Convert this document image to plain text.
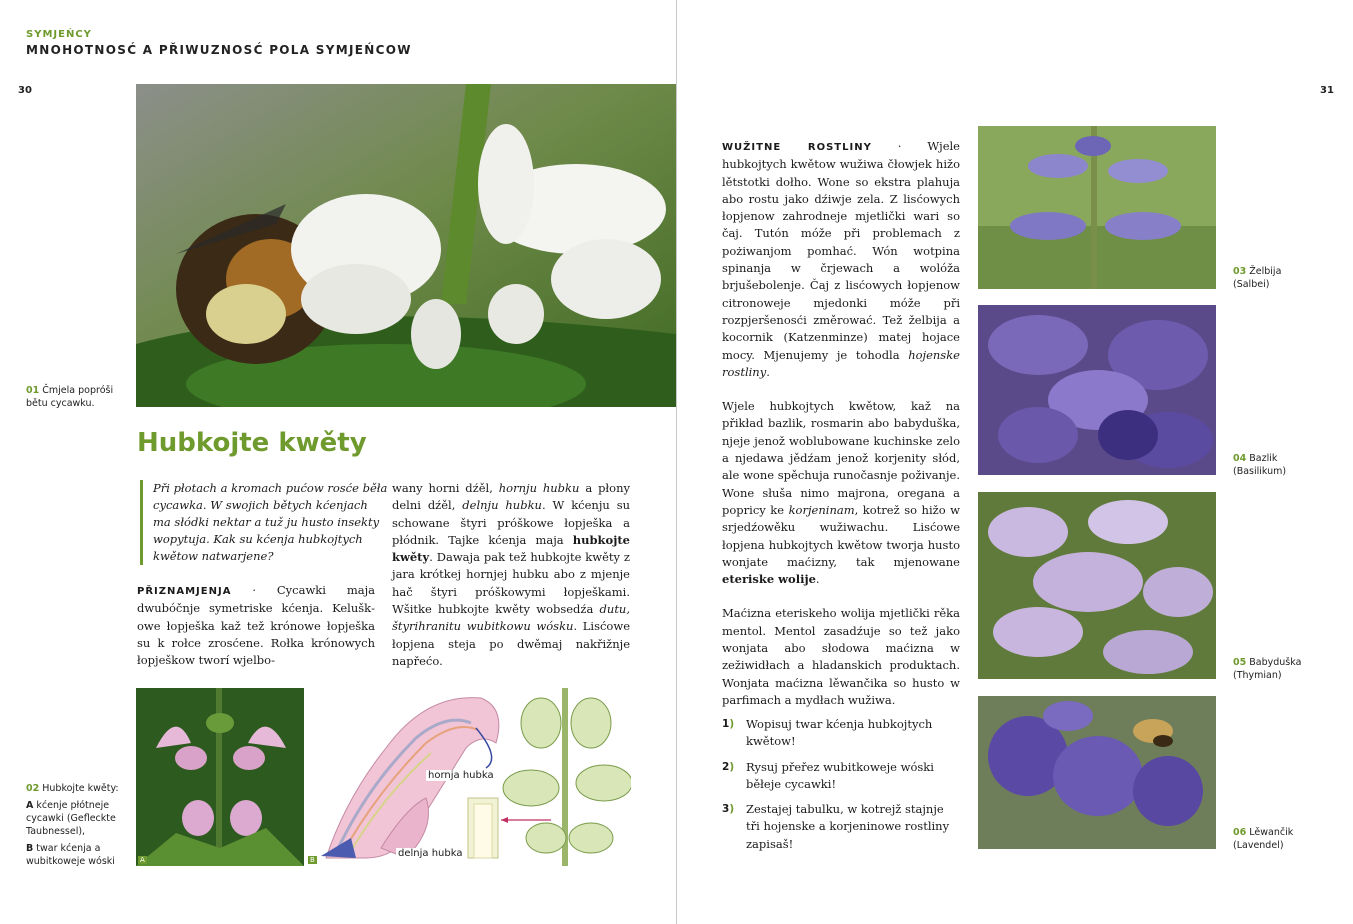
SYMJEŃCY
MNOHOTNOSĆ A PŘIWUZNOSĆ POLA SYMJEŃCOW
30	31
01 Čmjela popróši bětu cycawku.
Hubkojte kwěty
Při płotach a kromach pućow rosće běła cycawka. W swojich bětych kćenjach ma słódki nektar a tuž ju husto insekty wopytuja. Kak su kćenja hubkojtych kwětow natwarjene?
PŘIZNAMJENJA · Cycawki maja dwubóčnje symetriske kćenja. Keluškowe łopješka kaž tež krónowe łopješka su k rołce zrosćene. Rołka krónowych łopješkow tworí wjelbo-
wany horni dźěl, hornju hubku a płony delni dźěl, delnju hubku. W kćenju su schowane štyri próškowe łopješka a płódnik. Tajke kćenja maja hubkojte kwěty. Dawaja pak tež hubkojte kwěty z jara krótkej hornjej hubku abo z mjenje hač štyri próškowymi łopješkami. Wšitke hubkojte kwěty wobsedźa dutu, štyrihranitu wubitkowu wósku. Lisćowe łopjena steja po dwěmaj nakřižnje napřećo.
A
hornja hubka
delnja hubka
B
02 Hubkojte kwěty:

A kćenje płótneje cycawki (Gefleckte Taubnessel),
B twar kćenja a wubitkoweje wóski

WUŽITNE ROSTLINY · Wjele hubkojtych kwětow wužiwa čłowjek hižo lětstotki dołho. Wone so ekstra plahuja abo rostu jako dźiwje zela. Z lisćowych łopjenow zahrodneje mjetlički wari so čaj. Tutón móže při problemach z pożiwanjom pomhać. Wón wotpina spinanja w črjewach a wolóža brjušebolenje. Čaj z lisćowych łopjenow citronoweje mjedonki móže při rozpjeršenosći změrować. Tež želbija a kocornik (Katzenminze) matej hojace mocy. Mjenujemy je tohodla hojenske rostliny.

Wjele hubkojtych kwětow, kaž na přikład bazlik, rosmarin abo babyduška, njeje jenož woblubowane kuchinske zelo a njedawa jědźam jenož korjenity słód, ale wone spěchuja runočasnje poživanje. Wone słuša nimo majrona, oregana a popricy ke korjeninam, kotrež so hižo w srjedźowěku wužiwachu. Lisćowe łopjena hubkojtych kwětow tworja husto wonjate maćizny, tak mjenowane eteriske wolije.

Maćizna eteriskeho wolija mjetlički rěka mentol. Mentol zasadźuje so tež jako wonjata abo słodowa maćizna w zežiwidłach a hladanskich produktach. Wonjata maćizna lěwančika so husto w parfimach a mydłach wužiwa.

1) Wopisuj twar kćenja hubkojtych kwětow!
2) Rysuj přeřez wubitkoweje wóski běłeje cycawki!
3) Zestajej tabulku, w kotrejž stajnje tři hojenske a korjeninowe rostliny zapisaš!
03 Želbija
(Salbei)
04 Bazlik
(Basilikum)
05 Babyduška
(Thymian)
06 Lěwančik
(Lavendel)
